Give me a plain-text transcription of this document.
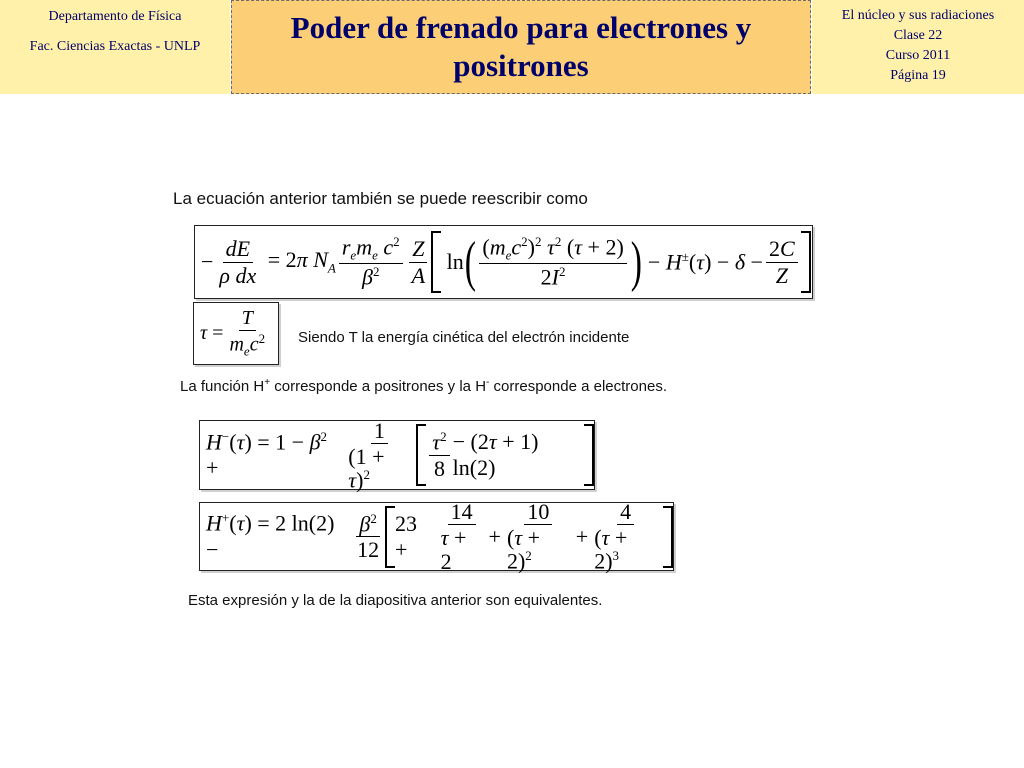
Departamento de Física
Fac. Ciencias Exactas - UNLP
Poder de frenado para electrones y positrones
El núcleo y sus radiaciones
Clase 22
Curso 2011
Página 19
La ecuación anterior también se puede reescribir como
− $\frac{dE}{\text{ρ dx}} = 2\pi$ $N_A \frac{r_em_e c^2}{\beta^2} \frac{Z}{A}$ ln ( $\frac{(m_ec^2)^2 \tau^2 (\tau + 2)}{2I^2}$ ) − $H^\pm(\tau) - \delta - \frac{2C}{Z}$
$\tau = \frac{T}{m_ec^2}$ Siendo T la energía cinética del electrón incidente
La función H+ corresponde a positrones y la H- corresponde a electrones.
$H^-(\tau) = 1 - \beta^2$ +	$\frac{1}{(1 + \tau)^2} \frac{\tau^2}{8} - (2\tau + 1)$ ln(2)
H+(τ) = 2 ln(2) −	$\frac{\beta^2}{12} 23$ +	$\frac{14}{\tau + 2} + \frac{10}{(\tau + 2)^2} + \frac{4}{(\tau + 2)^3}$
Esta expresión y la de la diapositiva anterior son equivalentes.
